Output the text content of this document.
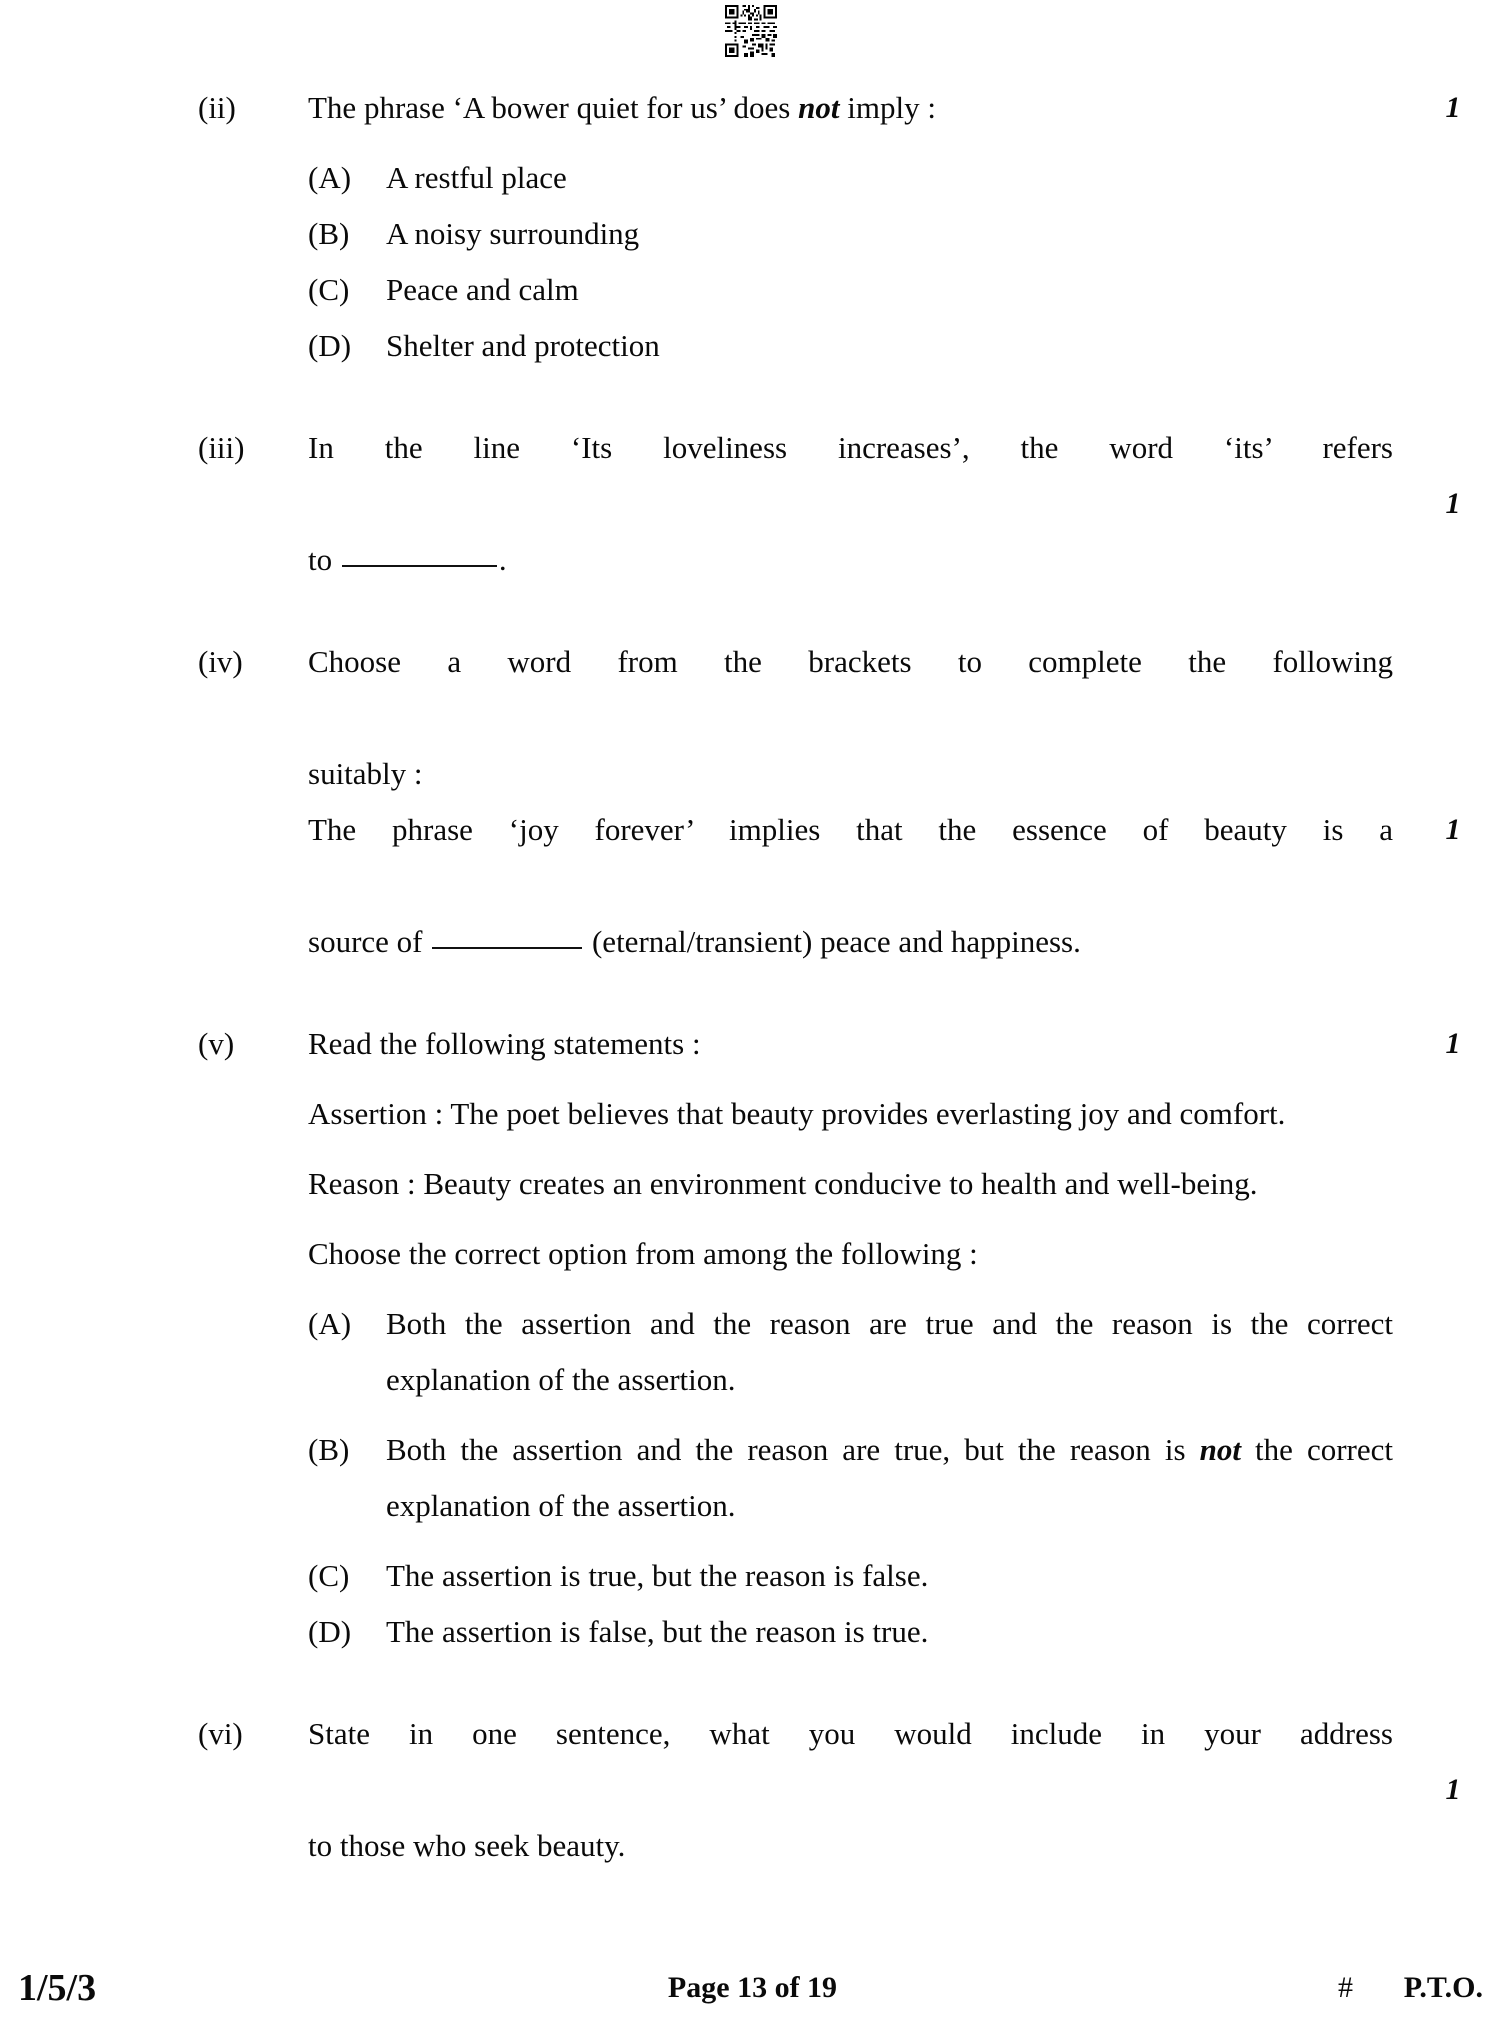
(ii)	The phrase ‘A bower quiet for us’ does not imply :	1
(A)	A restful place
(B)	A noisy surrounding
(C)	Peace and calm
(D)	Shelter and protection
(iii)	In the line ‘Its loveliness increases’, the word ‘its’ refers

to	.

1
(iv)	Choose a word from the brackets to complete the following

suitably :

The phrase ‘joy forever’ implies that the essence of beauty is a

source of	(eternal/transient) peace and happiness.

1
(v)	Read the following statements :	1

Assertion : The poet believes that beauty provides everlasting joy and comfort.

Reason : Beauty creates an environment conducive to health and well-being.

Choose the correct option from among the following :

(A)	Both the assertion and the reason are true and the reason is the correct explanation of the assertion.
(B)	Both the assertion and the reason are true, but the reason is not the correct explanation of the assertion.
(C)	The assertion is true, but the reason is false.
(D)	The assertion is false, but the reason is true.
(vi)	State in one sentence, what you would include in your address

to those who seek beauty.

1
1/5/3	Page 13 of 19	# P.T.O.
